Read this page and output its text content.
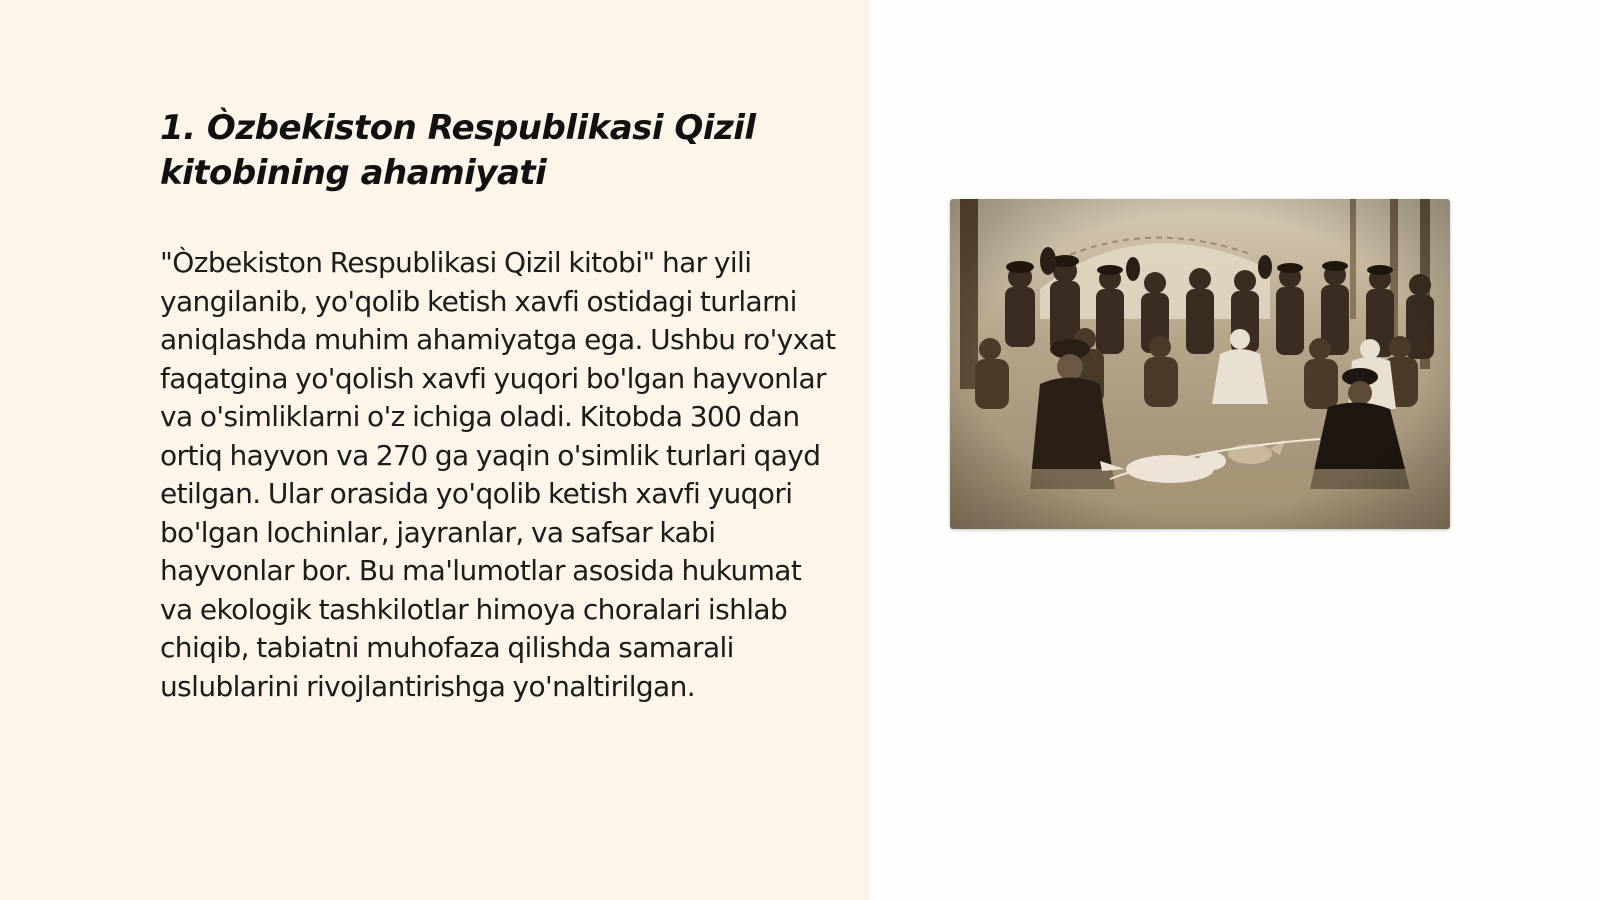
1. Òzbekiston Respublikasi Qizil kitobining ahamiyati

"Òzbekiston Respublikasi Qizil kitobi" har yili yangilanib, yo'qolib ketish xavfi ostidagi turlarni aniqlashda muhim ahamiyatga ega. Ushbu ro'yxat faqatgina yo'qolish xavfi yuqori bo'lgan hayvonlar va o'simliklarni o'z ichiga oladi. Kitobda 300 dan ortiq hayvon va 270 ga yaqin o'simlik turlari qayd etilgan. Ular orasida yo'qolib ketish xavfi yuqori bo'lgan lochinlar, jayranlar, va safsar kabi hayvonlar bor. Bu ma'lumotlar asosida hukumat va ekologik tashkilotlar himoya choralari ishlab chiqib, tabiatni muhofaza qilishda samarali uslublarini rivojlantirishga yo'naltirilgan.
